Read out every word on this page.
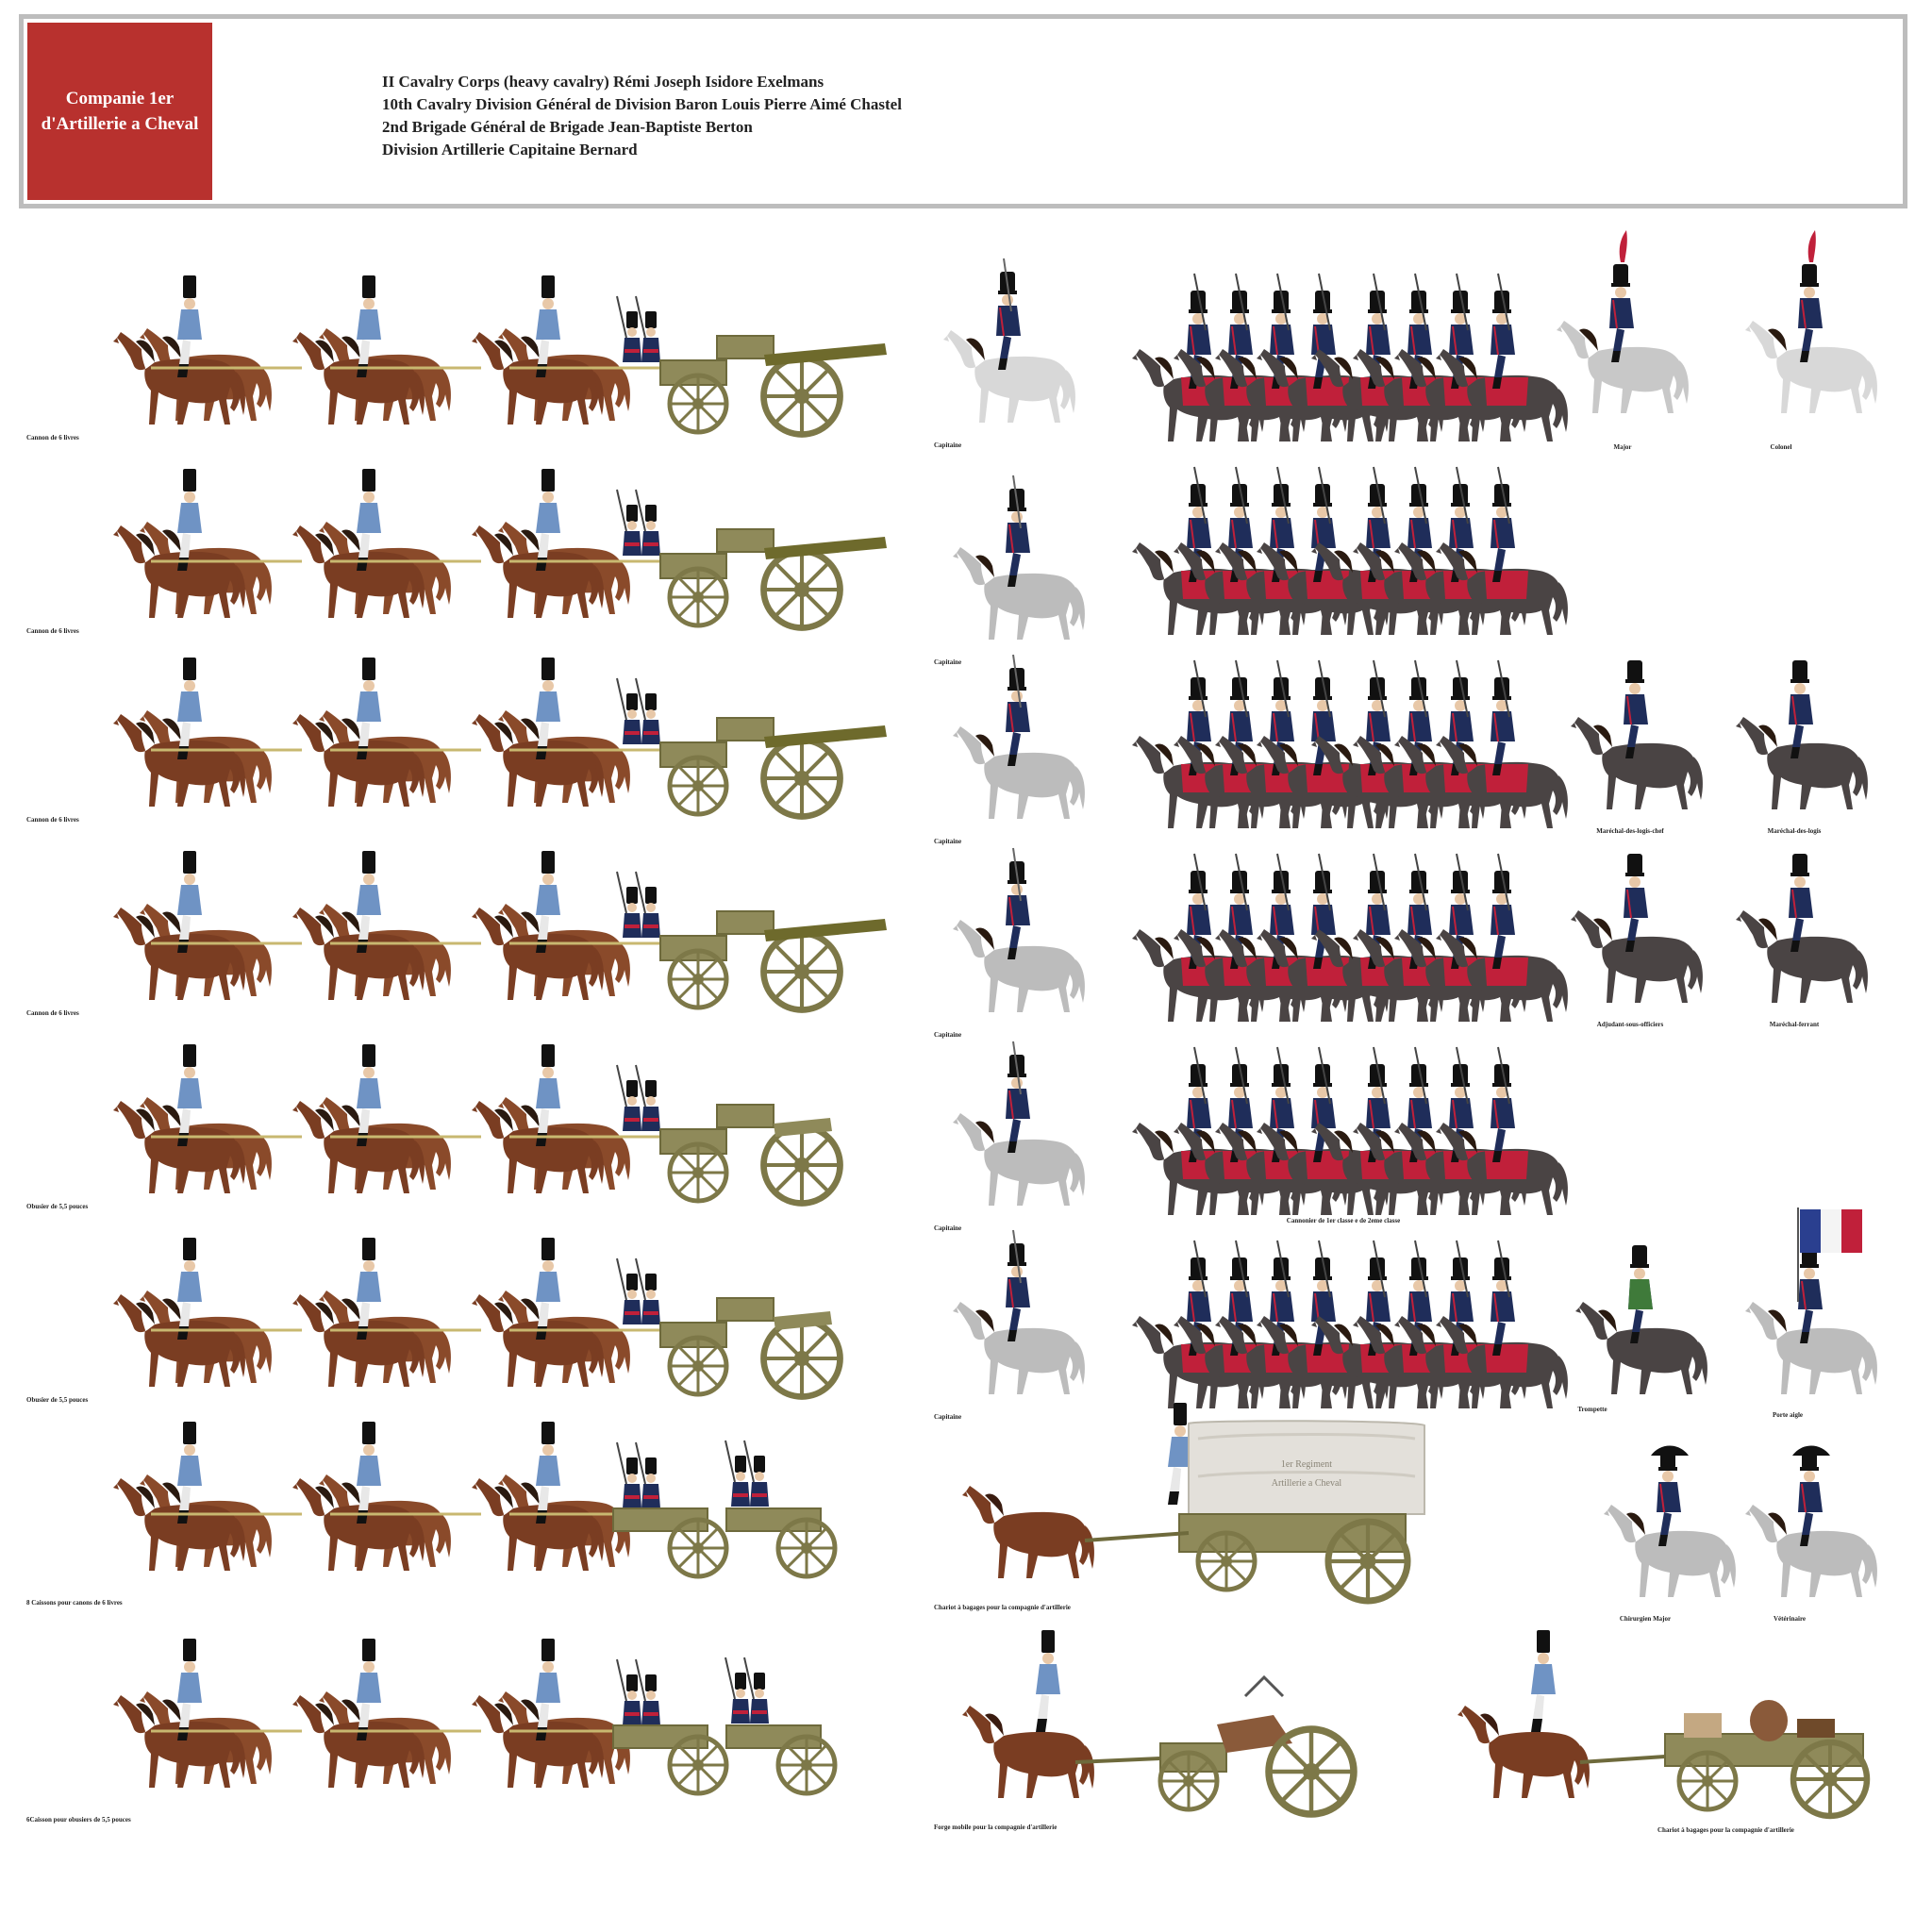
Companie 1er
d'Artillerie a Cheval
II Cavalry Corps (heavy cavalry) Rémi Joseph Isidore Exelmans
10th Cavalry Division Général de Division Baron Louis Pierre Aimé Chastel
2nd Brigade Général de Brigade Jean-Baptiste Berton
Division Artillerie Capitaine Bernard
Cannon de 6 livres
Cannon de 6 livres
Cannon de 6 livres
Cannon de 6 livres
Obusier de 5,5 pouces
Obusier de 5,5 pouces
8 Caissons pour canons de 6 livres
6Caisson pour obusiers de 5,5 pouces
Capitaine
Capitaine
Capitaine
Capitaine
Capitaine
Capitaine
Major	Colonel
Maréchal-des-logis-chef	Maréchal-des-logis
Adjudant-sous-officiers	Maréchal-ferrant
Cannonier de 1er classe e de 2eme classe
Trompette
Porte aigle
Chirurgien Major	Vétérinaire
Chariot à bagages pour la compagnie d'artillerie
Forge mobile pour la compagnie d'artillerie	Chariot à bagages pour la compagnie d'artillerie
1er Regiment
Artillerie a Cheval
